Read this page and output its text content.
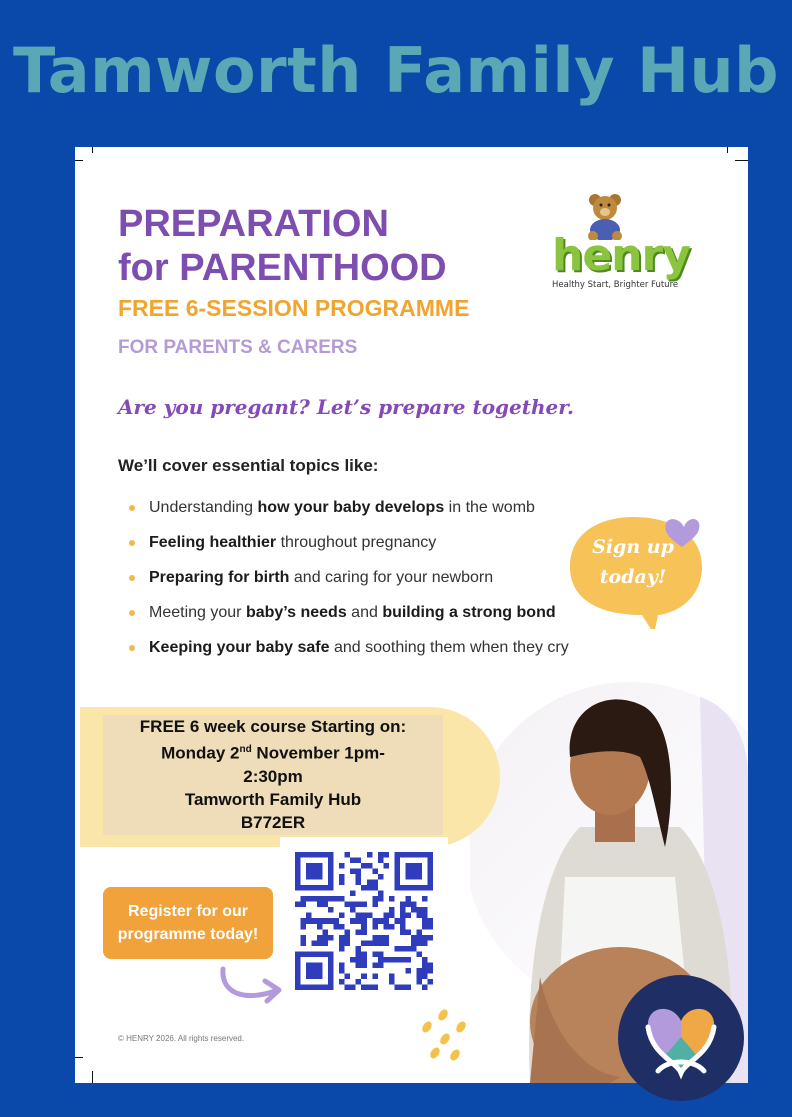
Tamworth Family Hub
PREPARATION
for PARENTHOOD
FREE 6-SESSION PROGRAMME
FOR PARENTS & CARERS
Are you pregant? Let’s prepare together.
We’ll cover essential topics like:
Understanding how your baby develops in the womb
Feeling healthier throughout pregnancy
Preparing for birth and caring for your newborn
Meeting your baby’s needs and building a strong bond
Keeping your baby safe and soothing them when they cry
henry
Healthy Start, Brighter Future
Sign up
today!
FREE 6 week course Starting on:
Monday 2nd November 1pm-
2:30pm
Tamworth Family Hub
B772ER
Register for our
programme today!
© HENRY 2026. All rights reserved.
